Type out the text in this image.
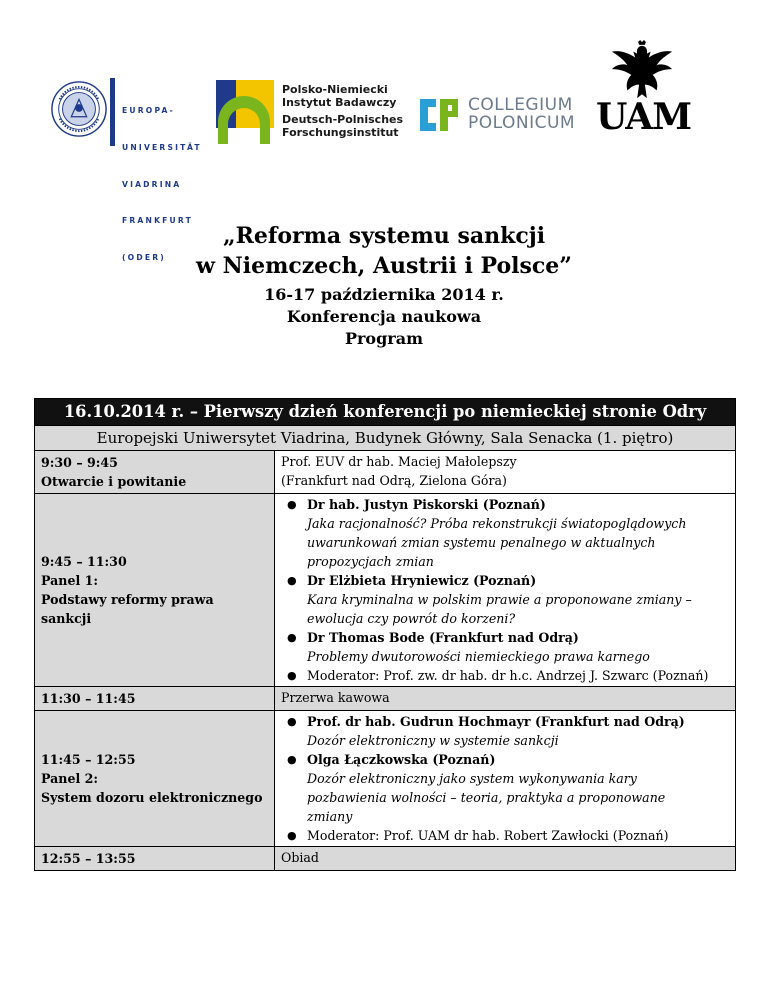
EUROPA-

UNIVERSITÄT

VIADRINA

FRANKFURT

(ODER)

Polsko-Niemiecki
Instytut Badawczy
Deutsch-Polnisches
Forschungsinstitut
COLLEGIUM
POLONICUM UAM
„Reforma systemu sankcji
w Niemczech, Austrii i Polsce”
16-17 października 2014 r.
Konferencja naukowa
Program
16.10.2014 r. – Pierwszy dzień konferencji po niemieckiej stronie Odry
Europejski Uniwersytet Viadrina, Budynek Główny, Sala Senacka (1. piętro)
9:30 – 9:45
Otwarcie i powitanie
Prof. EUV dr hab. Maciej Małolepszy
(Frankfurt nad Odrą, Zielona Góra)
9:45 – 11:30
Panel 1:
Podstawy reformy prawa
sankcji
● Dr hab. Justyn Piskorski (Poznań)
Jaka racjonalność? Próba rekonstrukcji światopoglądowych
uwarunkowań zmian systemu penalnego w aktualnych
propozycjach zmian
● Dr Elżbieta Hryniewicz (Poznań)
Kara kryminalna w polskim prawie a proponowane zmiany –
ewolucja czy powrót do korzeni?
● Dr Thomas Bode (Frankfurt nad Odrą)
Problemy dwutorowości niemieckiego prawa karnego
● Moderator: Prof. zw. dr hab. dr h.c. Andrzej J. Szwarc (Poznań)
11:30 – 11:45	Przerwa kawowa
11:45 – 12:55
Panel 2:
System dozoru elektronicznego
● Prof. dr hab. Gudrun Hochmayr (Frankfurt nad Odrą)
Dozór elektroniczny w systemie sankcji
● Olga Łączkowska (Poznań)
Dozór elektroniczny jako system wykonywania kary
pozbawienia wolności – teoria, praktyka a proponowane
zmiany
● Moderator: Prof. UAM dr hab. Robert Zawłocki (Poznań)
12:55 – 13:55	Obiad
